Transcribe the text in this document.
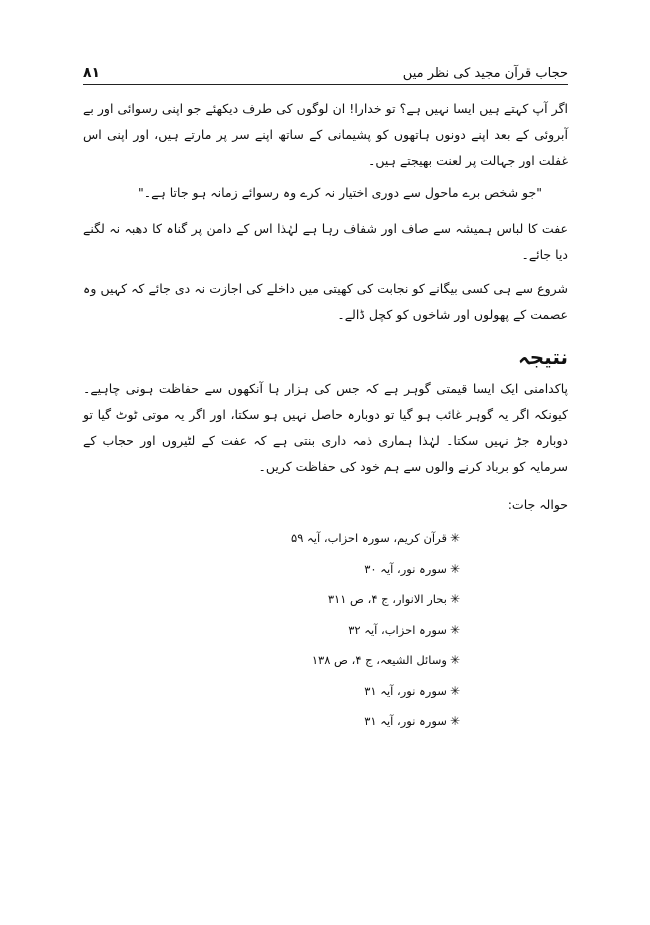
حجاب قرآن مجید کی نظر میں
۸۱

اگر آپ کہتے ہیں ایسا نہیں ہے؟ تو خدارا! ان لوگوں کی طرف دیکھئے جو اپنی رسوائی اور بے آبروئی کے بعد اپنے دونوں ہاتھوں کو پشیمانی کے ساتھ اپنے سر پر مارتے ہیں، اور اپنی اس غفلت اور جہالت پر لعنت بھیجتے ہیں۔

"جو شخص برے ماحول سے دوری اختیار نہ کرے وہ رسوائے زمانہ ہو جاتا ہے۔"

عفت کا لباس ہمیشہ سے صاف اور شفاف رہا ہے لہٰذا اس کے دامن پر گناہ کا دھبہ نہ لگنے دیا جائے۔

شروع سے ہی کسی بیگانے کو نجابت کی کھیتی میں داخلے کی اجازت نہ دی جائے کہ کہیں وہ عصمت کے پھولوں اور شاخوں کو کچل ڈالے۔

نتیجہ

پاکدامنی ایک ایسا قیمتی گوہر ہے کہ جس کی ہزار ہا آنکھوں سے حفاظت ہونی چاہیے۔ کیونکہ اگر یہ گوہر غائب ہو گیا تو دوبارہ حاصل نہیں ہو سکتا، اور اگر یہ موتی ٹوٹ گیا تو دوبارہ جڑ نہیں سکتا۔ لہٰذا ہماری ذمہ داری بنتی ہے کہ عفت کے لٹیروں اور حجاب کے سرمایہ کو برباد کرنے والوں سے ہم خود کی حفاظت کریں۔

حوالہ جات:
✳قرآن کریم، سورہ احزاب، آیہ ۵۹
✳سورہ نور، آیہ ۳۰
✳بحار الانوار، ج ۴، ص ۳۱۱
✳سورہ احزاب، آیہ ۳۲
✳وسائل الشیعہ، ج ۴، ص ۱۳۸
✳سورہ نور، آیہ ۳۱
✳سورہ نور، آیہ ۳۱
